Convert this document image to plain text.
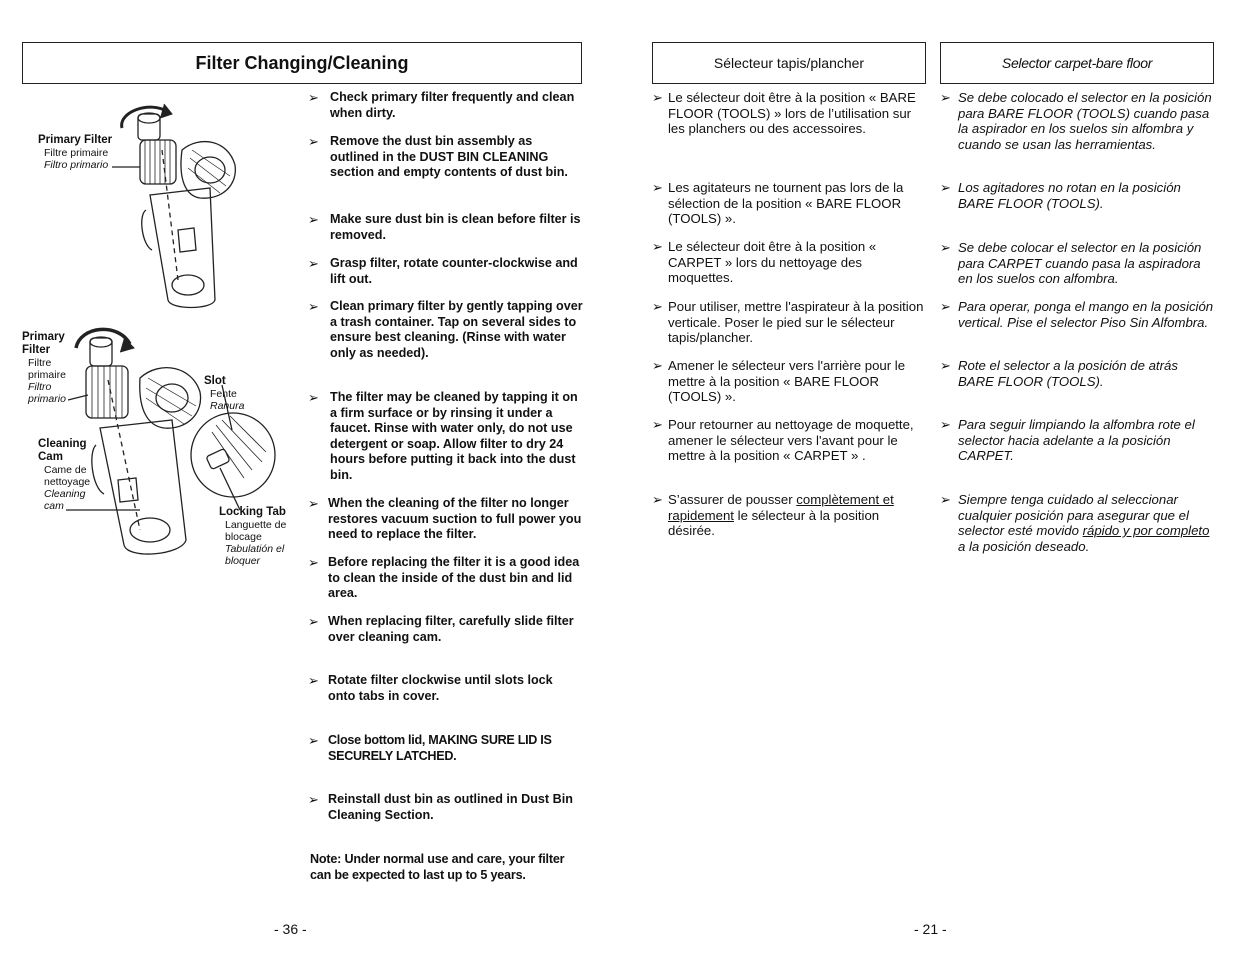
Filter Changing/Cleaning	Sélecteur tapis/plancher	Selector carpet-bare floor
Primary Filter
Filtre primaire
Filtro primario
Primary Filter
Filtre primaire
Filtro primario
Slot
Fente
Ranura
Cleaning Cam
Came de nettoyage
Cleaning cam	Locking Tab
Languette de blocage
Tabulatión el bloquer
➢ Check primary filter frequently and clean when dirty.
➢ Remove the dust bin assembly as outlined in the DUST BIN CLEANING section and empty contents of dust bin.
➢ Make sure dust bin is clean before filter is removed.
➢ Grasp filter, rotate counter-clockwise and lift out.
➢ Clean primary filter by gently tapping over a trash container. Tap on several sides to ensure best cleaning. (Rinse with water only as needed).
➢ The filter may be cleaned by tapping it on a firm surface or by rinsing it under a faucet. Rinse with water only, do not use detergent or soap. Allow filter to dry 24 hours before putting it back into the dust bin.
➢ When the cleaning of the filter no longer restores vacuum suction to full power you need to replace the filter.
➢ Before replacing the filter it is a good idea to clean the inside of the dust bin and lid area.
➢ When replacing filter, carefully slide filter over cleaning cam.
➢ Rotate filter clockwise until slots lock onto tabs in cover.
➢ Close bottom lid, MAKING SURE LID IS SECURELY LATCHED.
➢ Reinstall dust bin as outlined in Dust Bin Cleaning Section.
Note: Under normal use and care, your filter can be expected to last up to 5 years.
- 36 -
➢ Le sélecteur doit être à la position « BARE FLOOR (TOOLS) » lors de l’utilisation sur les planchers ou des accessoires.
➢ Les agitateurs ne tournent pas lors de la sélection de la position « BARE FLOOR (TOOLS) ».
➢ Le sélecteur doit être à la position « CARPET » lors du nettoyage des moquettes.
➢ Pour utiliser, mettre l'aspirateur à la position verticale. Poser le pied sur le sélecteur tapis/plancher.
➢ Amener le sélecteur vers l'arrière pour le mettre à la position « BARE FLOOR (TOOLS) ».
➢ Pour retourner au nettoyage de moquette, amener le sélecteur vers l'avant pour le mettre à la position « CARPET » .
➢ S’assurer de pousser complètement et rapidement le sélecteur à la position désirée.
➢ Se debe colocado el selector en la posición para BARE FLOOR (TOOLS) cuando pasa la aspirador en los suelos sin alfombra y cuando se usan las herramientas.
➢ Los agitadores no rotan en la posición BARE FLOOR (TOOLS).
➢ Se debe colocar el selector en la posición para CARPET cuando pasa la aspiradora en los suelos con alfombra.
➢ Para operar, ponga el mango en la posición vertical. Pise el selector Piso Sin Alfombra.
➢ Rote el selector a la posición de atrás BARE FLOOR (TOOLS).
➢ Para seguir limpiando la alfombra rote el selector hacia adelante a la posición CARPET.
➢ Siempre tenga cuidado al seleccionar cualquier posición para asegurar que el selector esté movido rápido y por completo a la posición deseado.
- 21 -
